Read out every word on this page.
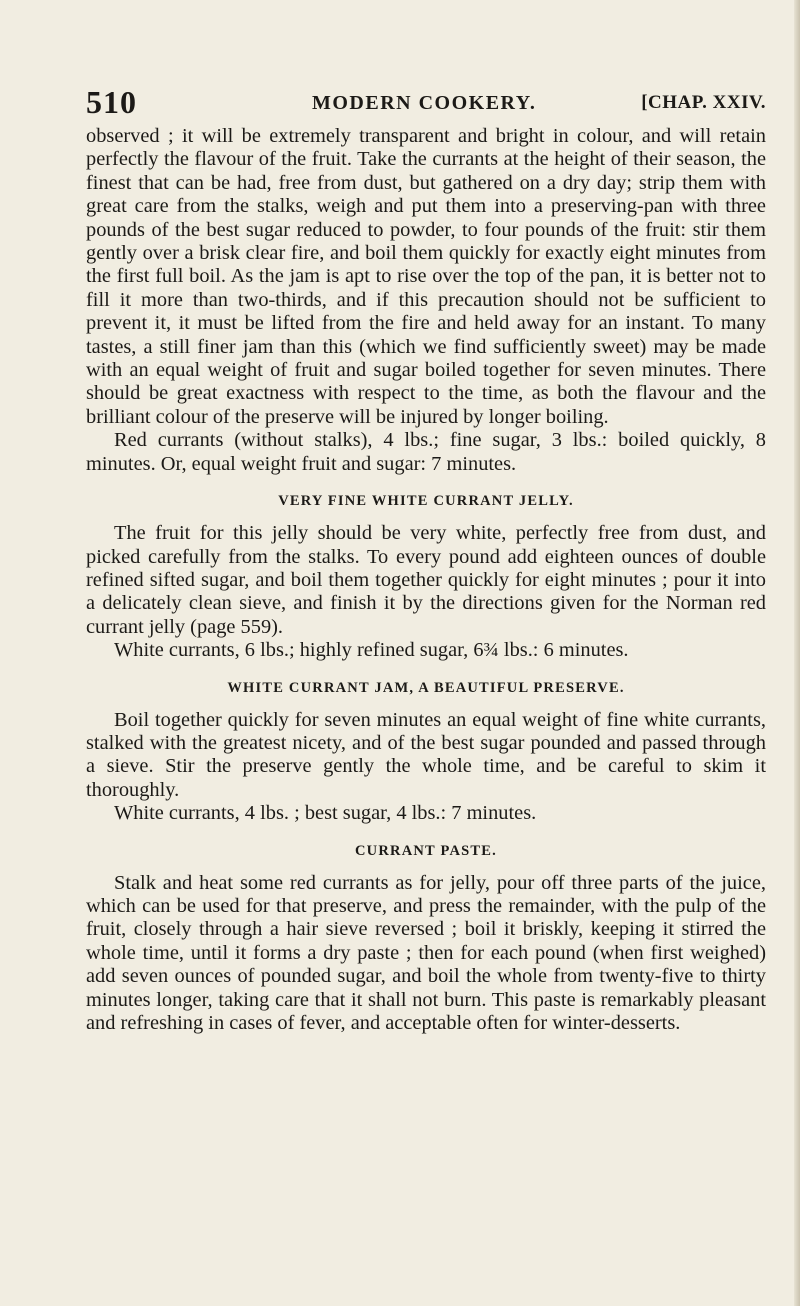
510	MODERN COOKERY.	[CHAP. XXIV.

observed ; it will be extremely transparent and bright in colour, and will retain perfectly the flavour of the fruit. Take the currants at the height of their season, the finest that can be had, free from dust, but gathered on a dry day; strip them with great care from the stalks, weigh and put them into a preserving-pan with three pounds of the best sugar reduced to powder, to four pounds of the fruit: stir them gently over a brisk clear fire, and boil them quickly for exactly eight minutes from the first full boil. As the jam is apt to rise over the top of the pan, it is better not to fill it more than two-thirds, and if this precaution should not be sufficient to prevent it, it must be lifted from the fire and held away for an instant. To many tastes, a still finer jam than this (which we find sufficiently sweet) may be made with an equal weight of fruit and sugar boiled together for seven minutes. There should be great exactness with respect to the time, as both the flavour and the brilliant colour of the preserve will be injured by longer boiling.

Red currants (without stalks), 4 lbs.; fine sugar, 3 lbs.: boiled quickly, 8 minutes. Or, equal weight fruit and sugar: 7 minutes.

VERY FINE WHITE CURRANT JELLY.

The fruit for this jelly should be very white, perfectly free from dust, and picked carefully from the stalks. To every pound add eighteen ounces of double refined sifted sugar, and boil them together quickly for eight minutes ; pour it into a delicately clean sieve, and finish it by the directions given for the Norman red currant jelly (page 559).

White currants, 6 lbs.; highly refined sugar, 6¾ lbs.: 6 minutes.

WHITE CURRANT JAM, A BEAUTIFUL PRESERVE.

Boil together quickly for seven minutes an equal weight of fine white currants, stalked with the greatest nicety, and of the best sugar pounded and passed through a sieve. Stir the preserve gently the whole time, and be careful to skim it thoroughly.

White currants, 4 lbs. ; best sugar, 4 lbs.: 7 minutes.

CURRANT PASTE.

Stalk and heat some red currants as for jelly, pour off three parts of the juice, which can be used for that preserve, and press the remainder, with the pulp of the fruit, closely through a hair sieve reversed ; boil it briskly, keeping it stirred the whole time, until it forms a dry paste ; then for each pound (when first weighed) add seven ounces of pounded sugar, and boil the whole from twenty-five to thirty minutes longer, taking care that it shall not burn. This paste is remarkably pleasant and refreshing in cases of fever, and acceptable often for winter-desserts.
